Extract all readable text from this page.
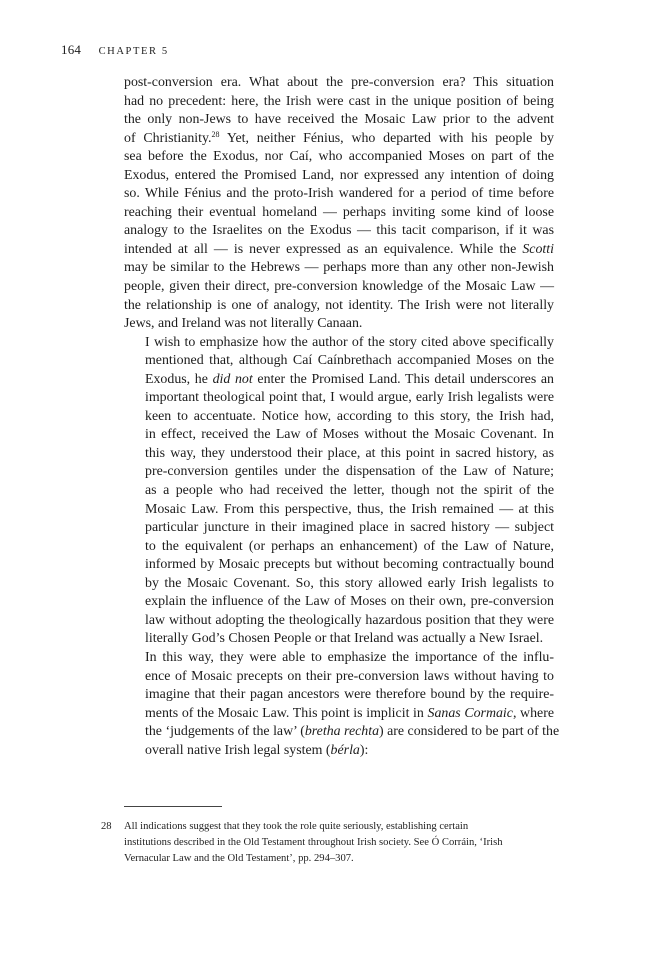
164 CHAPTER 5
post-conversion era. What about the pre-conversion era? This situation
had no precedent: here, the Irish were cast in the unique position of being
the only non-Jews to have received the Mosaic Law prior to the advent
of Christianity.$^{28}$ Yet, neither Fénius, who departed with his people by
sea before the Exodus, nor Caí, who accompanied Moses on part of the
Exodus, entered the Promised Land, nor expressed any intention of doing
so. While Fénius and the proto-Irish wandered for a period of time before
reaching their eventual homeland — perhaps inviting some kind of loose
analogy to the Israelites on the Exodus — this tacit comparison, if it was
intended at all — is never expressed as an equivalence. While the Scotti
may be similar to the Hebrews — perhaps more than any other non-Jewish
people, given their direct, pre-conversion knowledge of the Mosaic Law —
the relationship is one of analogy, not identity. The Irish were not literally
Jews, and Ireland was not literally Canaan.
I wish to emphasize how the author of the story cited above specifically
mentioned that, although Caí Caínbrethach accompanied Moses on the
Exodus, he did not enter the Promised Land. This detail underscores an
important theological point that, I would argue, early Irish legalists were
keen to accentuate. Notice how, according to this story, the Irish had,
in effect, received the Law of Moses without the Mosaic Covenant. In
this way, they understood their place, at this point in sacred history, as
pre-conversion gentiles under the dispensation of the Law of Nature;
as a people who had received the letter, though not the spirit of the
Mosaic Law. From this perspective, thus, the Irish remained — at this
particular juncture in their imagined place in sacred history — subject
to the equivalent (or perhaps an enhancement) of the Law of Nature,
informed by Mosaic precepts but without becoming contractually bound
by the Mosaic Covenant. So, this story allowed early Irish legalists to
explain the influence of the Law of Moses on their own, pre-conversion
law without adopting the theologically hazardous position that they were
literally God’s Chosen People or that Ireland was actually a New Israel.
In this way, they were able to emphasize the importance of the influ-
ence of Mosaic precepts on their pre-conversion laws without having to
imagine that their pagan ancestors were therefore bound by the require-
ments of the Mosaic Law. This point is implicit in Sanas Cormaic, where
the ‘judgements of the law’ (bretha rechta) are considered to be part of the
overall native Irish legal system (bérla):
28 All indications suggest that they took the role quite seriously, establishing certain
institutions described in the Old Testament throughout Irish society. See Ó Corráin, ‘Irish
Vernacular Law and the Old Testament’, pp. 294–307.
